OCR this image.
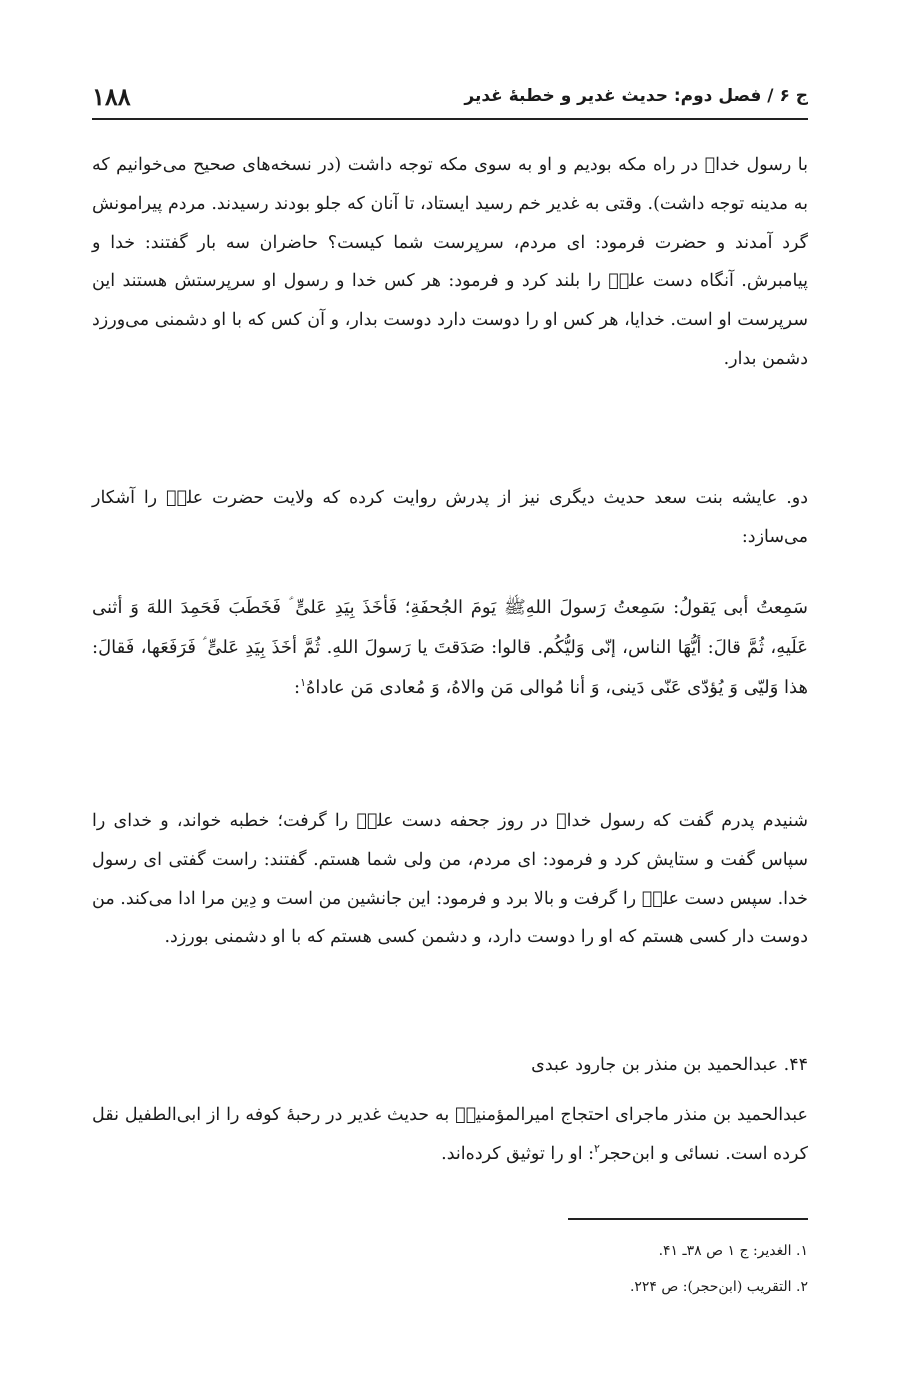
ج ۶ / فصل دوم: حدیث غدیر و خطبهٔ غدیر
۱۸۸

با رسول خداﷺ در راه مکه بودیم و او به سوی مکه توجه داشت (در نسخه‌های صحیح می‌خوانیم که به مدینه توجه داشت). وقتی به غدیر خم رسید ایستاد، تا آنان که جلو بودند رسیدند. مردم پیرامونش گرد آمدند و حضرت فرمود: ای مردم، سرپرست شما کیست؟ حاضران سه بار گفتند: خدا و پیامبرش. آنگاه دست علیؑ را بلند کرد و فرمود: هر کس خدا و رسول او سرپرستش هستند این سرپرست او است. خدایا، هر کس او را دوست دارد دوست بدار، و آن کس که با او دشمنی می‌ورزد دشمن بدار.

دو. عایشه بنت سعد حدیث دیگری نیز از پدرش روایت کرده که ولایت حضرت علیؑ را آشکار می‌سازد:

سَمِعتُ أبی یَقولُ: سَمِعتُ رَسولَ اللهِﷺ یَومَ الجُحفَةِ؛ فَأخَذَ بِیَدِ عَلیٍّ ؑ فَخَطَبَ فَحَمِدَ اللهَ وَ أثنی عَلَیهِ، ثُمَّ قالَ: أیُّهَا الناس، إنّی وَلیُّکُم. قالوا: صَدَقتَ یا رَسولَ اللهِ. ثُمَّ أخَذَ بِیَدِ عَلیٍّ ؑ فَرَفَعَها، فَقالَ: هذا وَلیّی وَ یُؤدّی عَنّی دَینی، وَ أنا مُوالی مَن والاهُ، وَ مُعادی مَن عاداهُ$^۱$:

شنیدم پدرم گفت که رسول خداﷺ در روز جحفه دست علیؑ را گرفت؛ خطبه خواند، و خدای را سپاس گفت و ستایش کرد و فرمود: ای مردم، من ولی شما هستم. گفتند: راست گفتی ای رسول خدا. سپس دست علیؑ را گرفت و بالا برد و فرمود: این جانشین من است و دِین مرا ادا می‌کند. من دوست دار کسی هستم که او را دوست دارد، و دشمن کسی هستم که با او دشمنی بورزد.

۴۴. عبدالحمید بن منذر بن جارود عبدی

عبدالحمید بن منذر ماجرای احتجاج امیرالمؤمنینؑ به حدیث غدیر در رحبهٔ کوفه را از ابی‌الطفیل نقل کرده است. نسائی و ابن‌حجر$^۲$: او را توثیق کرده‌اند.

۱. الغدیر: ج ۱ ص ۳۸ـ ۴۱.
۲. التقریب (ابن‌حجر): ص ۲۲۴.
